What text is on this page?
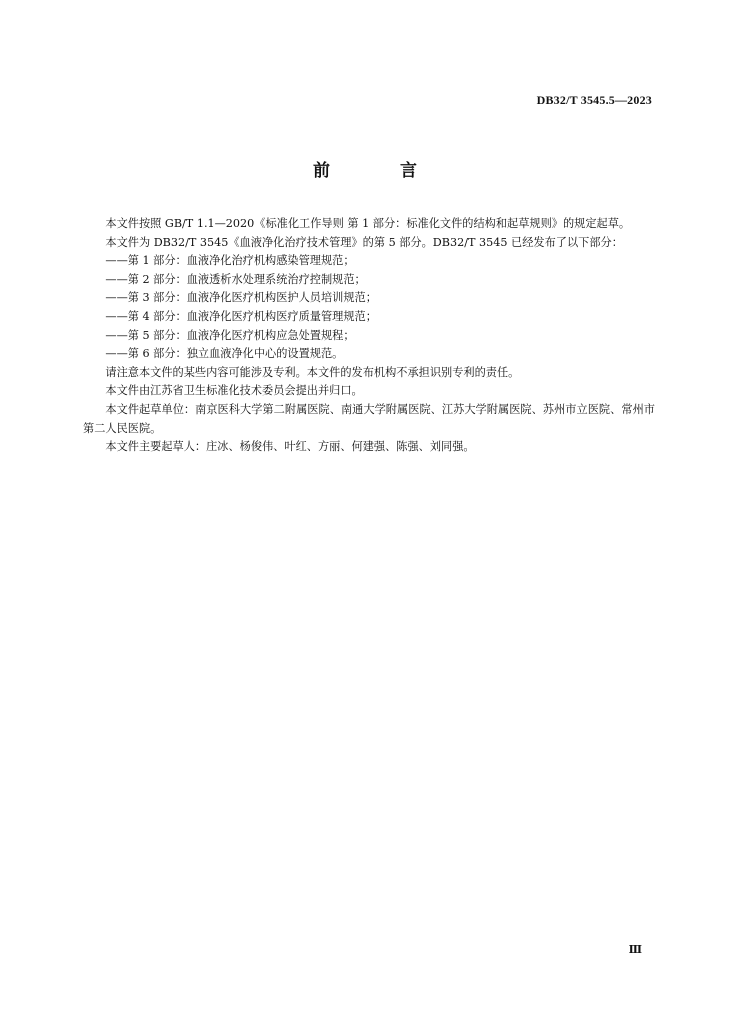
DB32/T 3545.5—2023
前 言

本文件按照 GB/T 1.1—2020《标准化工作导则 第 1 部分：标准化文件的结构和起草规则》的规定起草。

本文件为 DB32/T 3545《血液净化治疗技术管理》的第 5 部分。DB32/T 3545 已经发布了以下部分：

——第 1 部分：血液净化治疗机构感染管理规范；

——第 2 部分：血液透析水处理系统治疗控制规范；

——第 3 部分：血液净化医疗机构医护人员培训规范；

——第 4 部分：血液净化医疗机构医疗质量管理规范；

——第 5 部分：血液净化医疗机构应急处置规程；

——第 6 部分：独立血液净化中心的设置规范。

请注意本文件的某些内容可能涉及专利。本文件的发布机构不承担识别专利的责任。

本文件由江苏省卫生标准化技术委员会提出并归口。

本文件起草单位：南京医科大学第二附属医院、南通大学附属医院、江苏大学附属医院、苏州市立医院、常州市第二人民医院。

本文件主要起草人：庄冰、杨俊伟、叶红、方丽、何建强、陈强、刘同强。

Ⅲ
